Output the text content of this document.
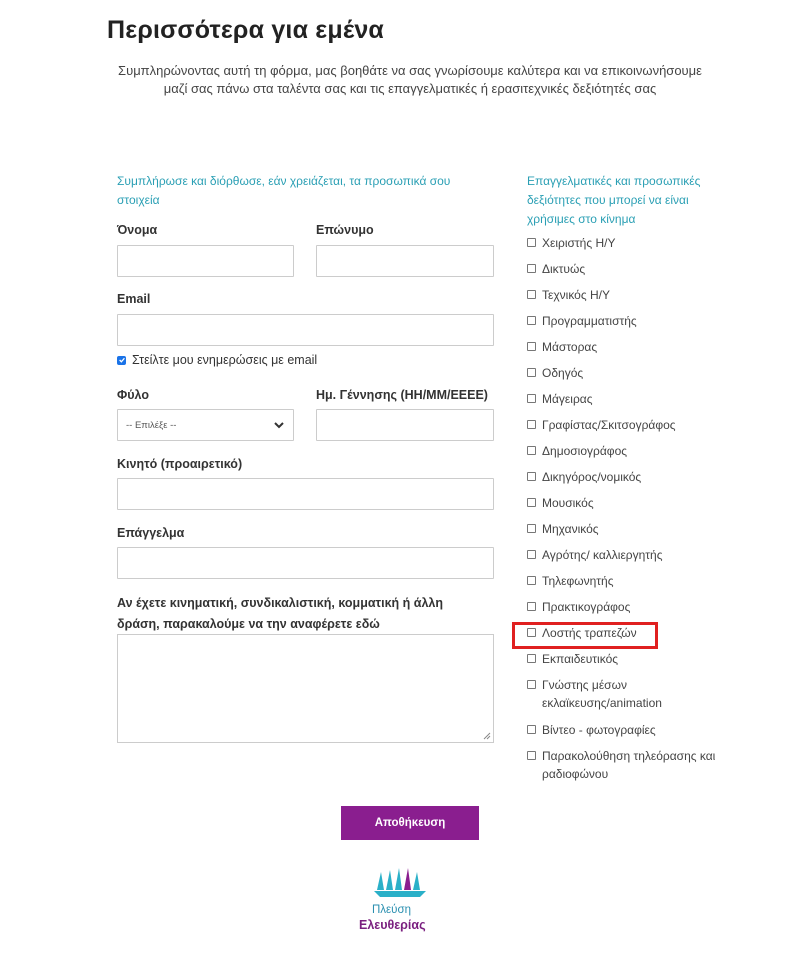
Περισσότερα για εμένα
Συμπληρώνοντας αυτή τη φόρμα, μας βοηθάτε να σας γνωρίσουμε καλύτερα και να επικοινωνήσουμε μαζί σας πάνω στα ταλέντα σας και τις επαγγελματικές ή ερασιτεχνικές δεξιότητές σας
Συμπλήρωσε και διόρθωσε, εάν χρειάζεται, τα προσωπικά σου στοιχεία
Όνομα	Επώνυμο
Email
Στείλτε μου ενημερώσεις με email
Φύλο
-- Επιλέξε --
Ημ. Γέννησης (ΗΗ/ΜΜ/ΕΕΕΕ)
Κινητό (προαιρετικό)
Επάγγελμα
Αν έχετε κινηματική, συνδικαλιστική, κομματική ή άλλη δράση, παρακαλούμε να την αναφέρετε εδώ
Επαγγελματικές και προσωπικές δεξιότητες που μπορεί να είναι χρήσιμες στο κίνημα
Χειριστής Η/Υ
Δικτυώς
Τεχνικός Η/Υ
Προγραμματιστής
Μάστορας
Οδηγός
Μάγειρας
Γραφίστας/Σκιτσογράφος
Δημοσιογράφος
Δικηγόρος/νομικός
Μουσικός
Μηχανικός
Αγρότης/ καλλιεργητής
Τηλεφωνητής
Πρακτικογράφος
Λοστής τραπεζών
Εκπαιδευτικός
Γνώστης μέσων εκλαϊκευσης/animation
Βίντεο - φωτογραφίες
Παρακολούθηση τηλεόρασης και ραδιοφώνου
Αποθήκευση
Πλεύση
Ελευθερίας
